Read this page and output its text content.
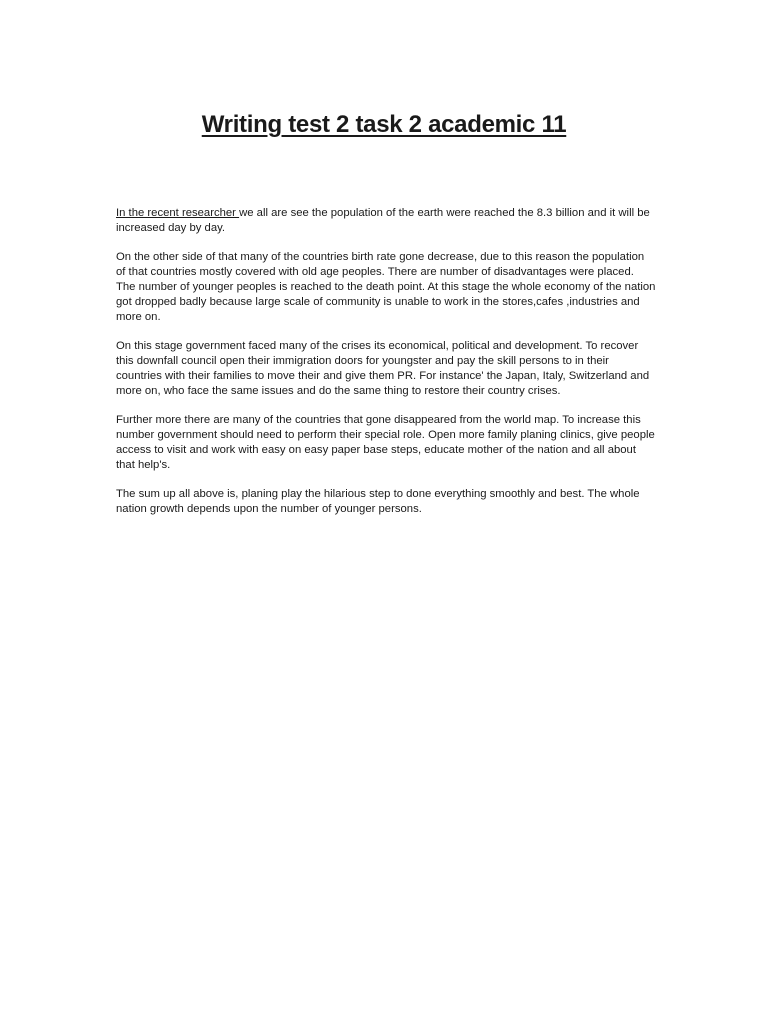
Writing test 2 task 2 academic 11

In the recent researcher we all are see the population of the earth were reached the 8.3 billion and it will be increased day by day.

On the other side of that many of the countries birth rate gone decrease, due to this reason the population of that countries mostly covered with old age peoples. There are number of disadvantages were placed. The number of younger peoples is reached to the death point. At this stage the whole economy of the nation got dropped badly because large scale of community is unable to work in the stores,cafes ,industries and more on.

On this stage government faced many of the crises its economical, political and development. To recover this downfall council open their immigration doors for youngster and pay the skill persons to in their countries with their families to move their and give them PR. For instance' the Japan, Italy, Switzerland and more on, who face the same issues and do the same thing to restore their country crises.

Further more there are many of the countries that gone disappeared from the world map. To increase this number government should need to perform their special role. Open more family planing clinics, give people access to visit and work with easy on easy paper base steps, educate mother of the nation and all about that help's.

The sum up all above is, planing play the hilarious step to done everything smoothly and best. The whole nation growth depends upon the number of younger persons.
